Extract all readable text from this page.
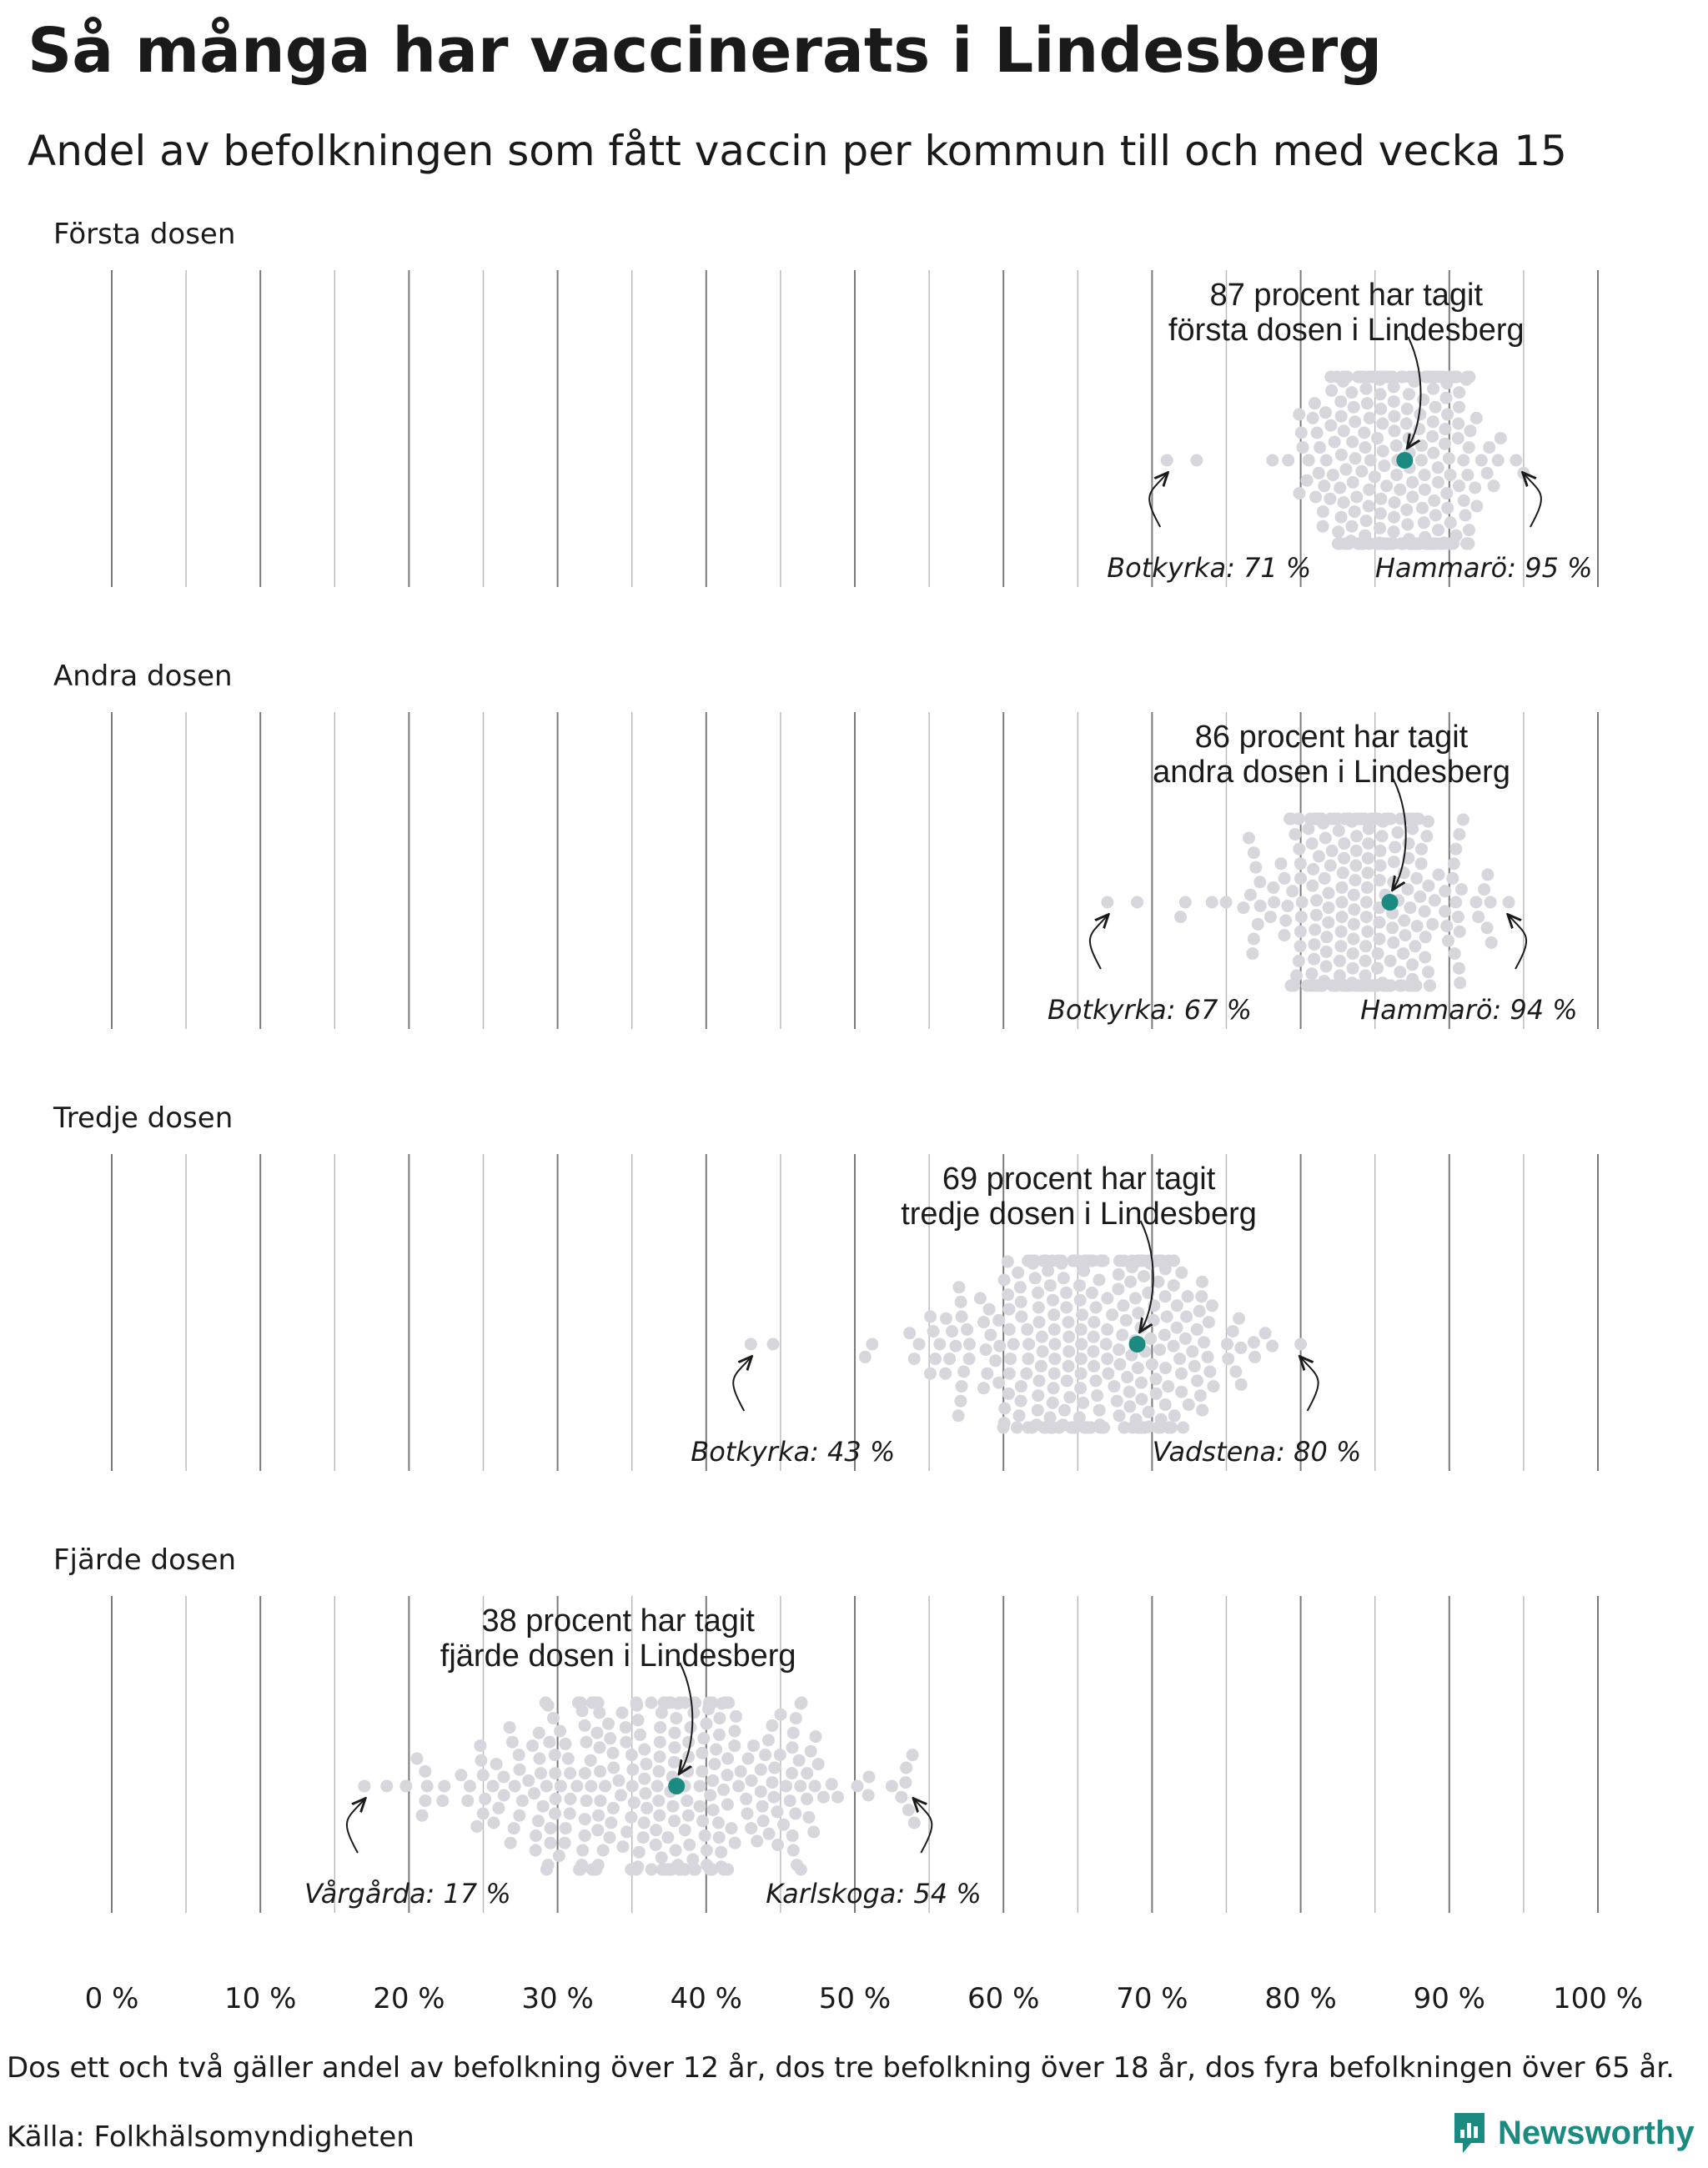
Så många har vaccinerats i Lindesberg
Andel av befolkningen som fått vaccin per kommun till och med vecka 15
Första dosen
87 procent har tagit
första dosen i Lindesberg
Botkyrka: 71 % Hammarö: 95 %
Andra dosen
86 procent har tagit
andra dosen i Lindesberg
Botkyrka: 67 %	Hammarö: 94 %
Tredje dosen
69 procent har tagit
tredje dosen i Lindesberg
Botkyrka: 43 %	Vadstena: 80 %
Fjärde dosen
38 procent har tagit
fjärde dosen i Lindesberg
Vårgårda: 17 %	Karlskoga: 54 %
0 %	10 %	20 %	30 %	40 %	50 %	60 %	70 %	80 %	90 % 100 %
Dos ett och två gäller andel av befolkning över 12 år, dos tre befolkning över 18 år, dos fyra befolkningen över 65 år.
Källa: Folkhälsomyndigheten	Newsworthy
